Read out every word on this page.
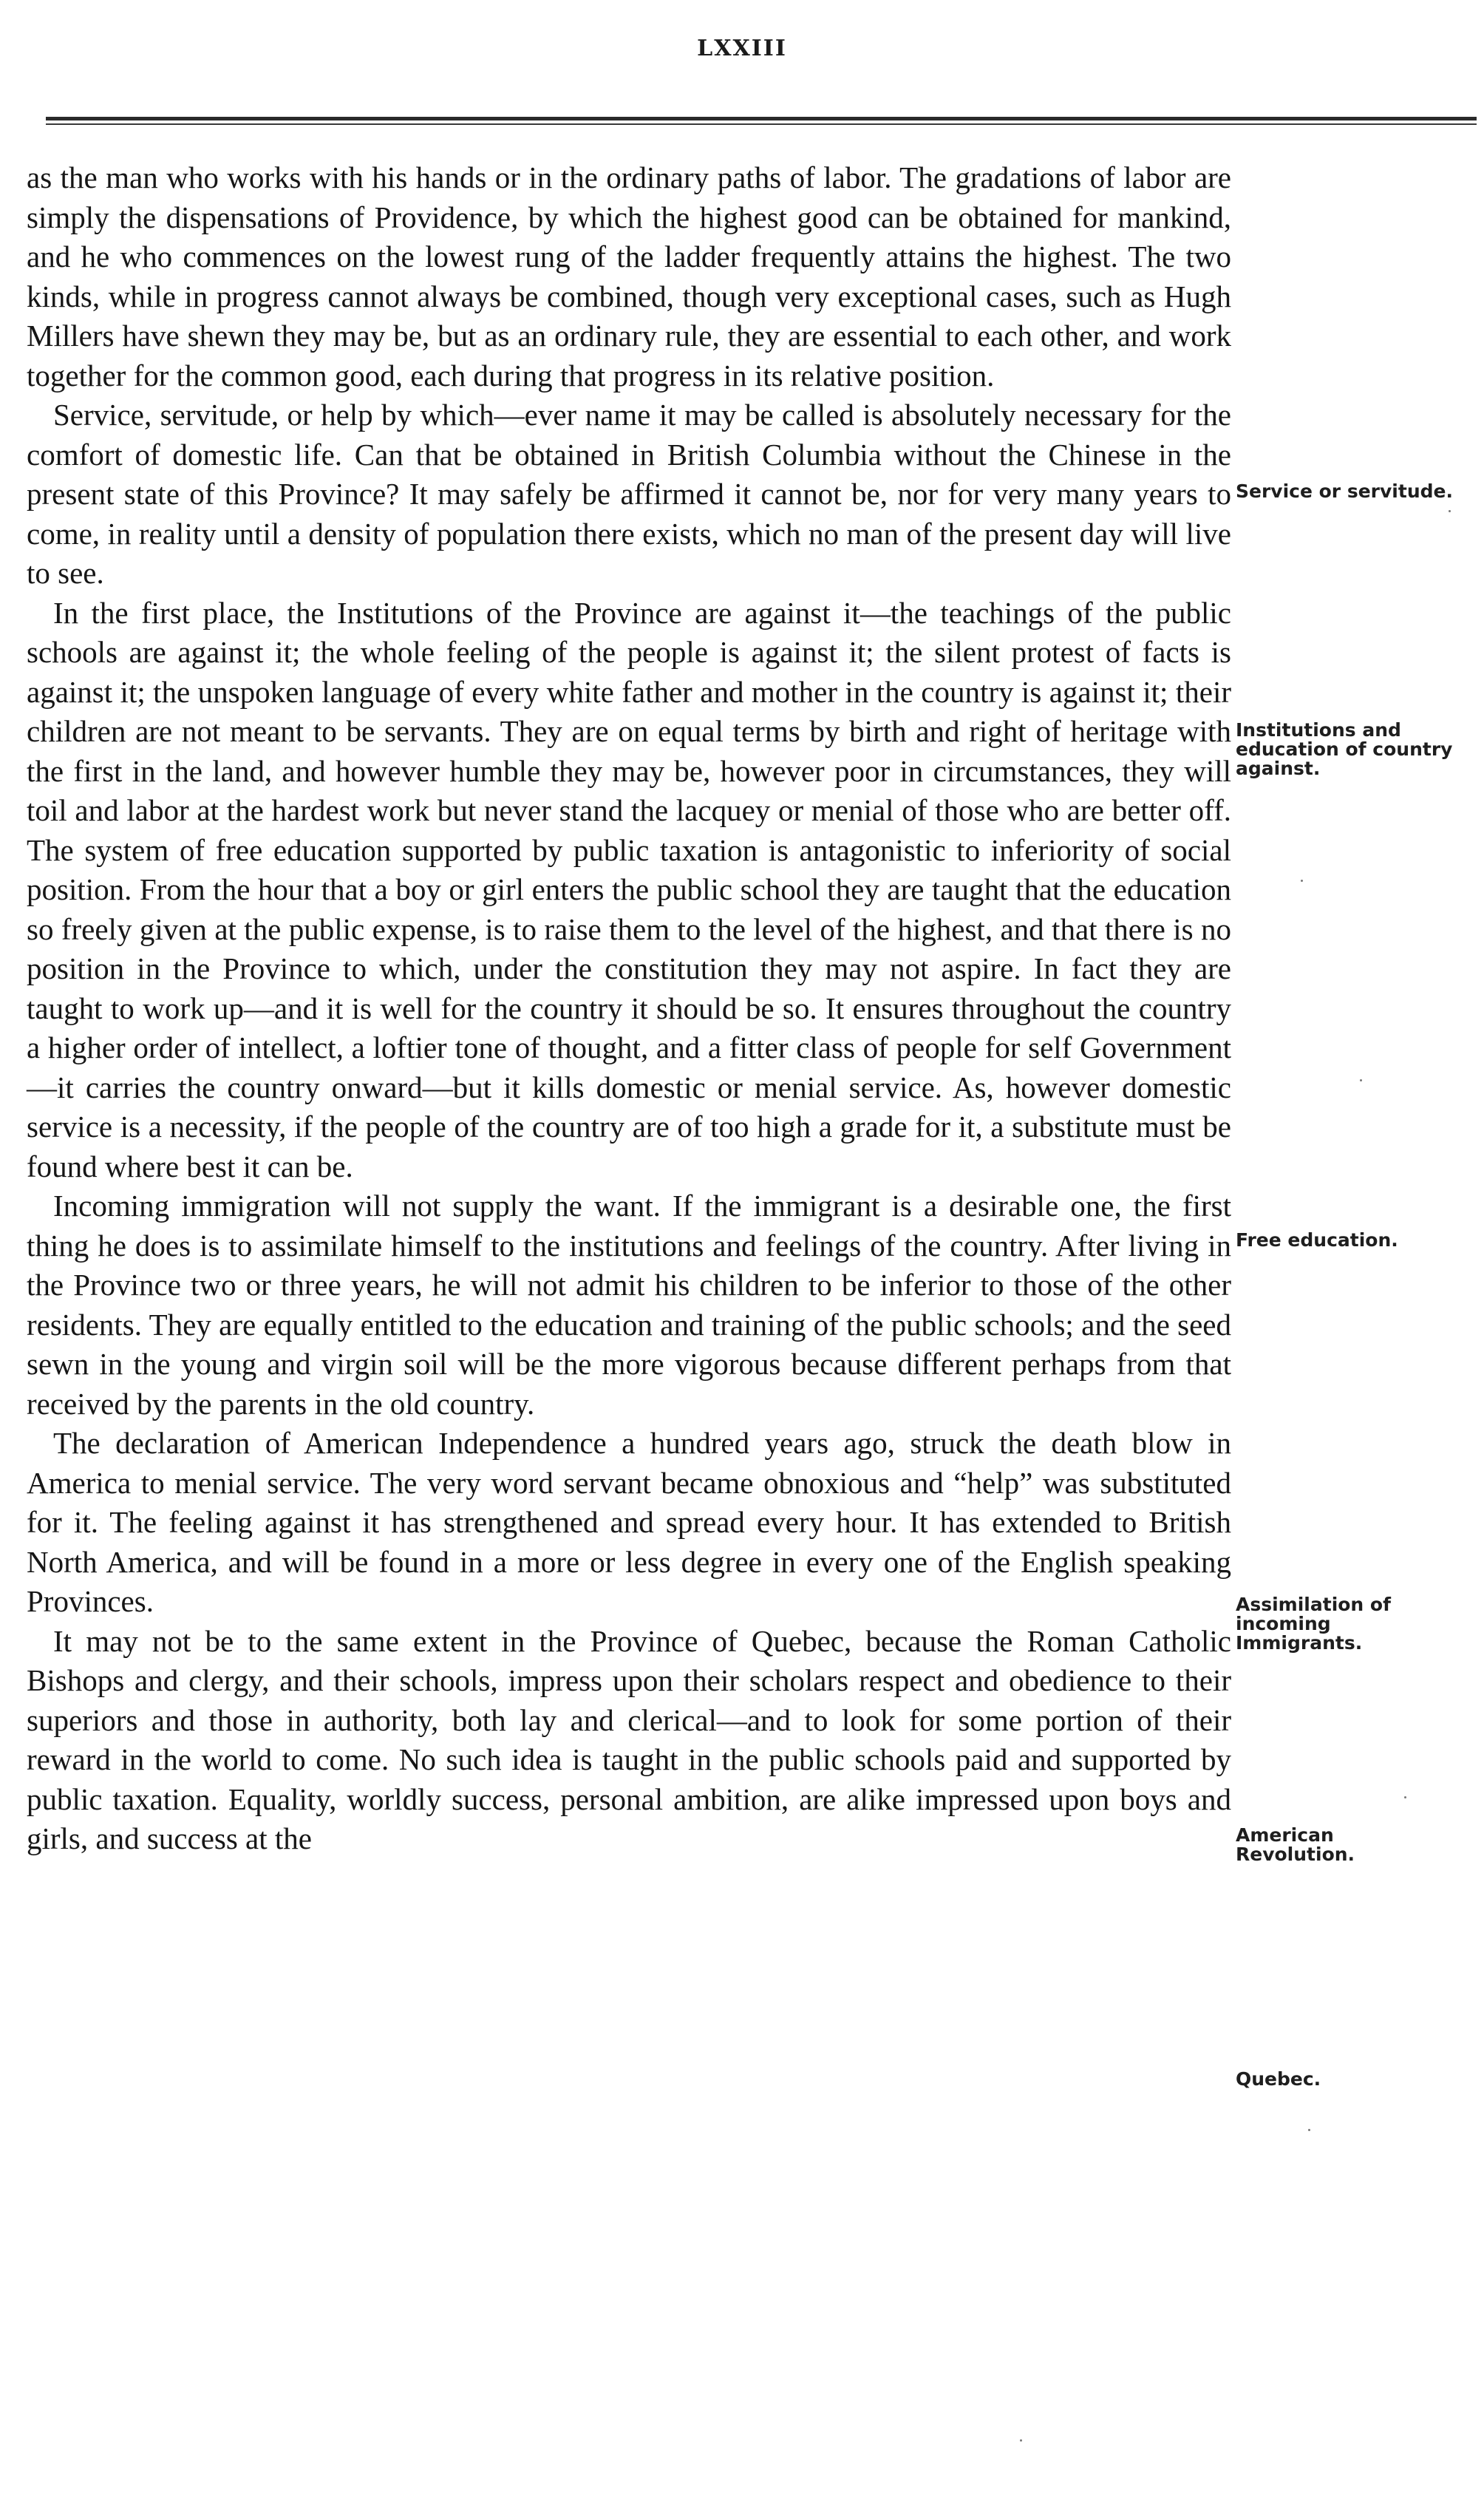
LXXIII

as the man who works with his hands or in the ordinary paths of labor. The gradations of labor are simply the dispensations of Providence, by which the highest good can be obtained for mankind, and he who commences on the lowest rung of the ladder frequently attains the highest. The two kinds, while in progress cannot always be combined, though very exceptional cases, such as Hugh Millers have shewn they may be, but as an ordinary rule, they are essential to each other, and work together for the common good, each during that progress in its relative position.

Service, servitude, or help by which—ever name it may be called is absolutely necessary for the comfort of domestic life. Can that be obtained in British Columbia without the Chinese in the present state of this Province? It may safely be affirmed it cannot be, nor for very many years to come, in reality until a density of population there exists, which no man of the present day will live to see.

In the first place, the Institutions of the Province are against it—the teachings of the public schools are against it; the whole feeling of the people is against it; the silent protest of facts is against it; the unspoken language of every white father and mother in the country is against it; their children are not meant to be servants. They are on equal terms by birth and right of heritage with the first in the land, and however humble they may be, however poor in circumstances, they will toil and labor at the hardest work but never stand the lacquey or menial of those who are better off. The system of free education supported by public taxation is antagonistic to inferiority of social position. From the hour that a boy or girl enters the public school they are taught that the education so freely given at the public expense, is to raise them to the level of the highest, and that there is no position in the Province to which, under the constitution they may not aspire. In fact they are taught to work up—and it is well for the country it should be so. It ensures throughout the country a higher order of intellect, a loftier tone of thought, and a fitter class of people for self Government—it carries the country onward—but it kills domestic or menial service. As, however domestic service is a necessity, if the people of the country are of too high a grade for it, a substitute must be found where best it can be.

Incoming immigration will not supply the want. If the immigrant is a desirable one, the first thing he does is to assimilate himself to the institutions and feelings of the country. After living in the Province two or three years, he will not admit his children to be inferior to those of the other residents. They are equally entitled to the education and training of the public schools; and the seed sewn in the young and virgin soil will be the more vigorous because different perhaps from that received by the parents in the old country.

The declaration of American Independence a hundred years ago, struck the death blow in America to menial service. The very word servant became obnoxious and “help” was substituted for it. The feeling against it has strengthened and spread every hour. It has extended to British North America, and will be found in a more or less degree in every one of the English speaking Provinces.

It may not be to the same extent in the Province of Quebec, because the Roman Catholic Bishops and clergy, and their schools, impress upon their scholars respect and obedience to their superiors and those in authority, both lay and clerical—and to look for some portion of their reward in the world to come. No such idea is taught in the public schools paid and supported by public taxation. Equality, worldly success, personal ambition, are alike impressed upon boys and girls, and success at the

Service or servitude.
Institutions and education of country against.
Free education.
Assimilation of incoming Immigrants.
American Revolution.
Quebec.
